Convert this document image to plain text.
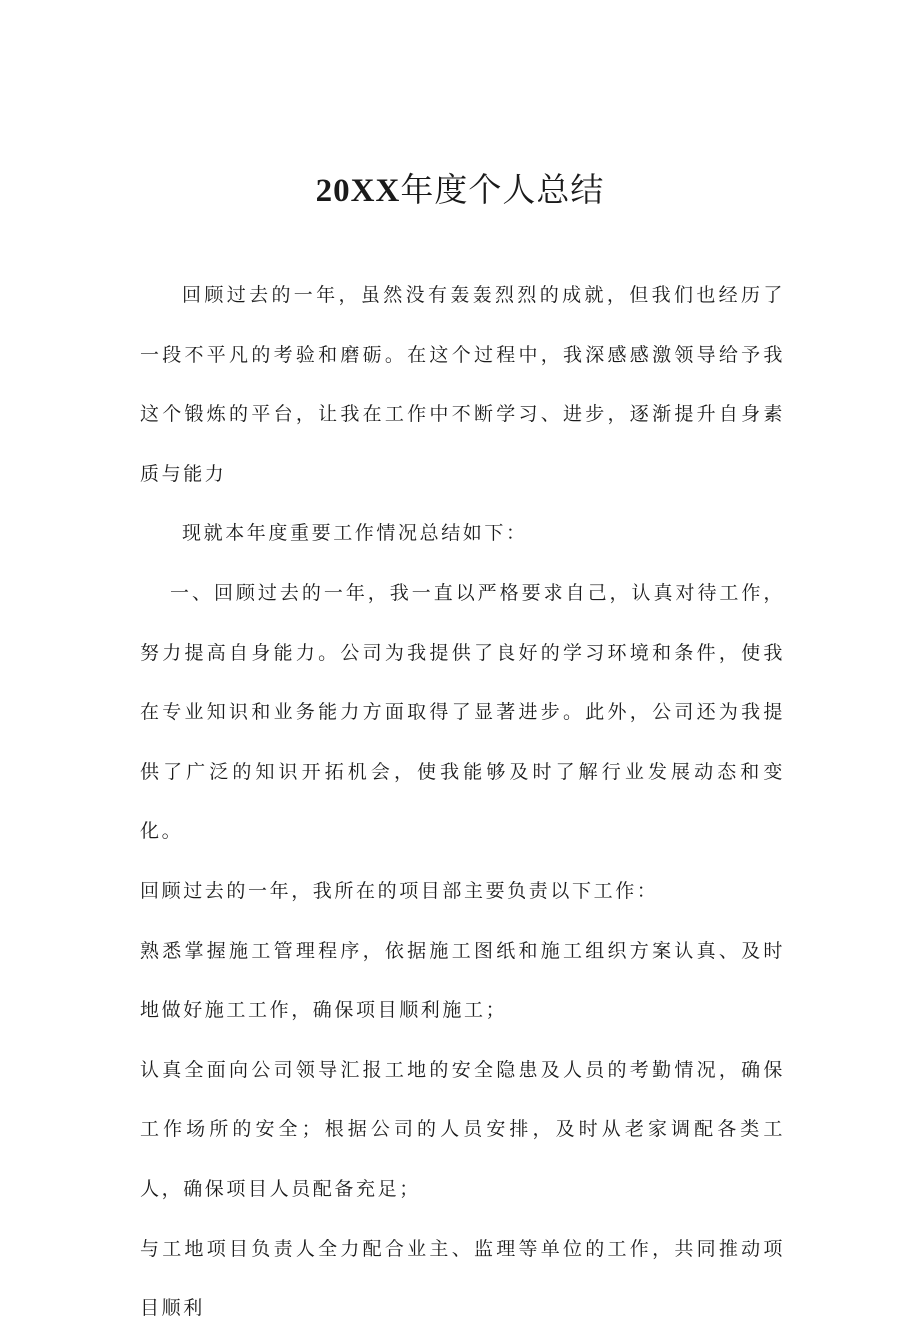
20XX年度个人总结

回顾过去的一年，虽然没有轰轰烈烈的成就，但我们也经历了一段不平凡的考验和磨砺。在这个过程中，我深感感激领导给予我这个锻炼的平台，让我在工作中不断学习、进步，逐渐提升自身素质与能力

现就本年度重要工作情况总结如下：

一、回顾过去的一年，我一直以严格要求自己，认真对待工作，努力提高自身能力。公司为我提供了良好的学习环境和条件，使我在专业知识和业务能力方面取得了显著进步。此外，公司还为我提供了广泛的知识开拓机会，使我能够及时了解行业发展动态和变化。

回顾过去的一年，我所在的项目部主要负责以下工作：

熟悉掌握施工管理程序，依据施工图纸和施工组织方案认真、及时地做好施工工作，确保项目顺利施工；

认真全面向公司领导汇报工地的安全隐患及人员的考勤情况，确保工作场所的安全；根据公司的人员安排，及时从老家调配各类工人，确保项目人员配备充足；

与工地项目负责人全力配合业主、监理等单位的工作，共同推动项目顺利
